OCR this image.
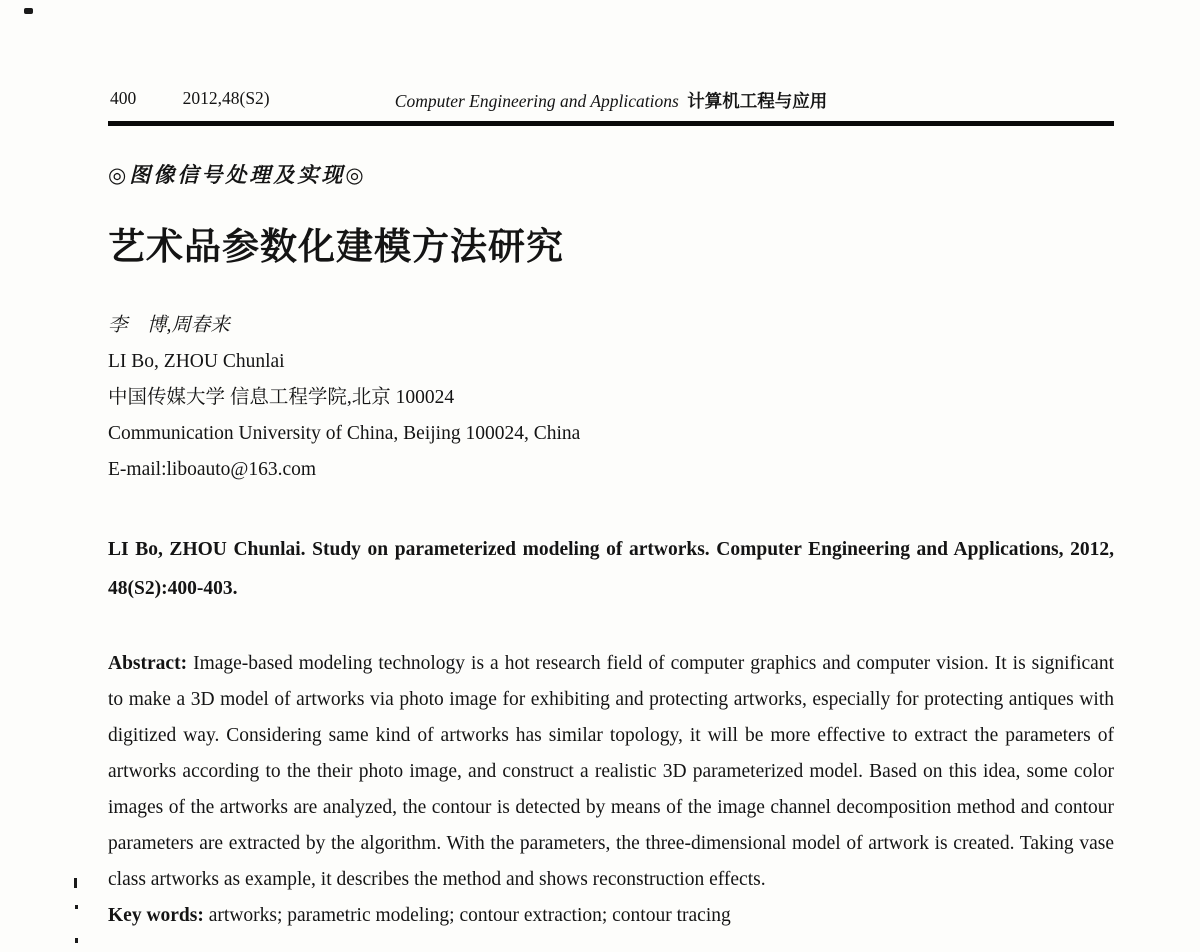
400	2012,48(S2)	Computer Engineering and Applications 计算机工程与应用
◎图像信号处理及实现◎
艺术品参数化建模方法研究
李　博,周春来
LI Bo, ZHOU Chunlai
中国传媒大学 信息工程学院,北京 100024
Communication University of China, Beijing 100024, China
E-mail:liboauto@163.com
LI Bo, ZHOU Chunlai. Study on parameterized modeling of artworks. Computer Engineering and Applications, 2012, 48(S2):400-403.
Abstract: Image-based modeling technology is a hot research field of computer graphics and computer vision. It is significant to make a 3D model of artworks via photo image for exhibiting and protecting artworks, especially for protecting antiques with digitized way. Considering same kind of artworks has similar topology, it will be more effective to extract the parameters of artworks according to the their photo image, and construct a realistic 3D parameterized model. Based on this idea, some color images of the artworks are analyzed, the contour is detected by means of the image channel decomposition method and contour parameters are extracted by the algorithm. With the parameters, the three-dimensional model of artwork is created. Taking vase class artworks as example, it describes the method and shows reconstruction effects.
Key words: artworks; parametric modeling; contour extraction; contour tracing
